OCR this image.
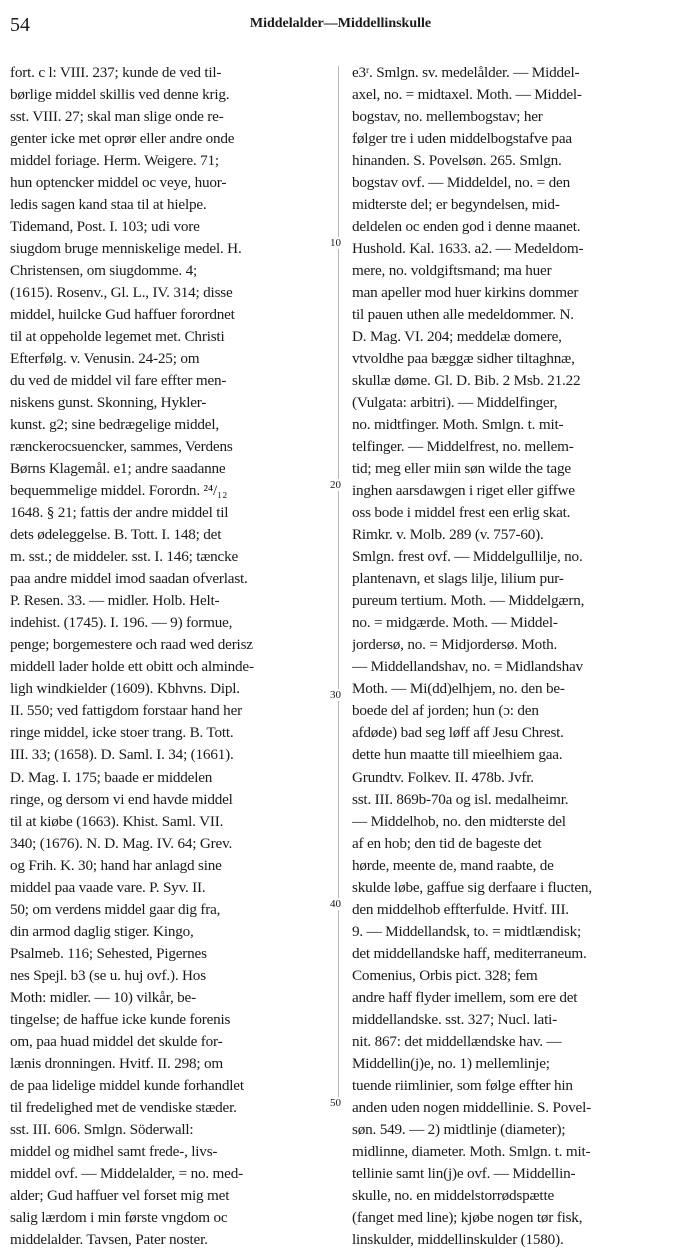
54	Middelalder—Middellinskulle
fort. c l: VIII. 237; kunde de ved til-
børlige middel skillis ved denne krig.
sst. VIII. 27; skal man slige onde re-
genter icke met oprør eller andre onde
middel foriage. Herm. Weigere. 71;
hun optencker middel oc veye, huor-
ledis sagen kand staa til at hielpe.
Tidemand, Post. I. 103; udi vore
siugdom bruge menniskelige medel. H.
Christensen, om siugdomme. 4;
(1615). Rosenv., Gl. L., IV. 314; disse
middel, huilcke Gud haffuer forordnet
til at oppeholde legemet met. Christi
Efterfølg. v. Venusin. 24-25; om
du ved de middel vil fare effter men-
niskens gunst. Skonning, Hykler-
kunst. g2; sine bedrægelige middel,
rænckerocsuencker, sammes, Verdens
Børns Klagemål. e1; andre saadanne
bequemmelige middel. Forordn. ²⁴/₁₂
1648. § 21; fattis der andre middel til
dets ødeleggelse. B. Tott. I. 148; det
m. sst.; de middeler. sst. I. 146; tæncke
paa andre middel imod saadan ofverlast.
P. Resen. 33. — midler. Holb. Helt-
indehist. (1745). I. 196. — 9) formue,
penge; borgemestere och raad wed derisz
middell lader holde ett obitt och almindе-
ligh windkielder (1609). Kbhvns. Dipl.
II. 550; ved fattigdom forstaar hand her
ringe middel, icke stoer trang. B. Tott.
III. 33; (1658). D. Saml. I. 34; (1661).
D. Mag. I. 175; baade er middelen
ringe, og dersom vi end havde middel
til at kiøbe (1663). Khist. Saml. VII.
340; (1676). N. D. Mag. IV. 64; Grev.
og Frih. K. 30; hand har anlagd sine
middel paa vaade vare. P. Syv. II.
50; om verdens middel gaar dig fra,
din armod daglig stiger. Kingo,
Psalmeb. 116; Sehested, Pigernes
nes Spejl. b3 (se u. huj ovf.). Hos
Moth: midler. — 10) vilkår, be-
tingelse; de haffue icke kunde forenis
om, paa huad middel det skulde for-
lænis dronningen. Hvitf. II. 298; om
de paa lidelige middel kunde forhandlet
til fredelighed met de vendiske stæder.
sst. III. 606. Smlgn. Söderwall:
middel og midhel samt frede-, livs-
middel ovf. — Middelalder, = no. med-
alder; Gud haffuer vel forset mig met
salig lærdom i min første vngdom oc
middelalder. Tavsen, Pater noster.
e3ʳ. Smlgn. sv. medelålder. — Middel-
axel, no. = midtaxel. Moth. — Middel-
bogstav, no. mellembogstav; her
følger tre i uden middelbogstafve paa
hinanden. S. Povelsøn. 265. Smlgn.
bogstav ovf. — Middeldel, no. = den
midterste del; er begyndelsen, mid-
deldelen oc enden god i denne maanet.
Hushold. Kal. 1633. a2. — Medeldom-
mere, no. voldgiftsmand; ma huer
man apeller mod huer kirkins dommer
til pauen uthen alle medeldommer. N.
D. Mag. VI. 204; meddelæ domere,
vtvoldhe paa bæggæ sidher tiltaghnæ,
skullæ døme. Gl. D. Bib. 2 Msb. 21.22
(Vulgata: arbitri). — Middelfinger,
no. midtfinger. Moth. Smlgn. t. mit-
telfinger. — Middelfrest, no. mellem-
tid; meg eller miin søn wilde the tage
inghen aarsdawgen i riget eller giffwe
oss bode i middel frest een erlig skat.
Rimkr. v. Molb. 289 (v. 757-60).
Smlgn. frest ovf. — Middelgullilje, no.
plantenavn, et slags lilje, lilium pur-
pureum tertium. Moth. — Middelgærn,
no. = midgærde. Moth. — Middel-
jordersø, no. = Midjordersø. Moth.
— Middellandshav, no. = Midlandshav
Moth. — Mi(dd)elhjem, no. den be-
boede del af jorden; hun (ɔ: den
afdøde) bad seg løff aff Jesu Chrest.
dette hun maatte till mieelhiem gaa.
Grundtv. Folkev. II. 478b. Jvfr.
sst. III. 869b-70a og isl. medalheimr.
— Middelhob, no. den midterste del
af en hob; den tid de bageste det
hørde, meente de, mand raabte, de
skulde løbe, gaffue sig derfaare i flucten,
den middelhob effterfulde. Hvitf. III.
9. — Middellandsk, to. = midtlændisk;
det middellandske haff, mediterraneum.
Comenius, Orbis pict. 328; fem
andre haff flyder imellem, som ere det
middellandske. sst. 327; Nucl. lati-
nit. 867: det middellændske hav. —
Middellin(j)e, no. 1) mellemlinje;
tuende riimlinier, som følge effter hin
anden uden nogen middellinie. S. Povel-
søn. 549. — 2) midtlinje (diameter);
midlinne, diameter. Moth. Smlgn. t. mit-
tellinie samt lin(j)e ovf. — Middellin-
skulle, no. en middelstorrødspætte
(fanget med line); kjøbe nogen tør fisk,
linskulder, middellinskulder (1580).
10
20
30
40
50
